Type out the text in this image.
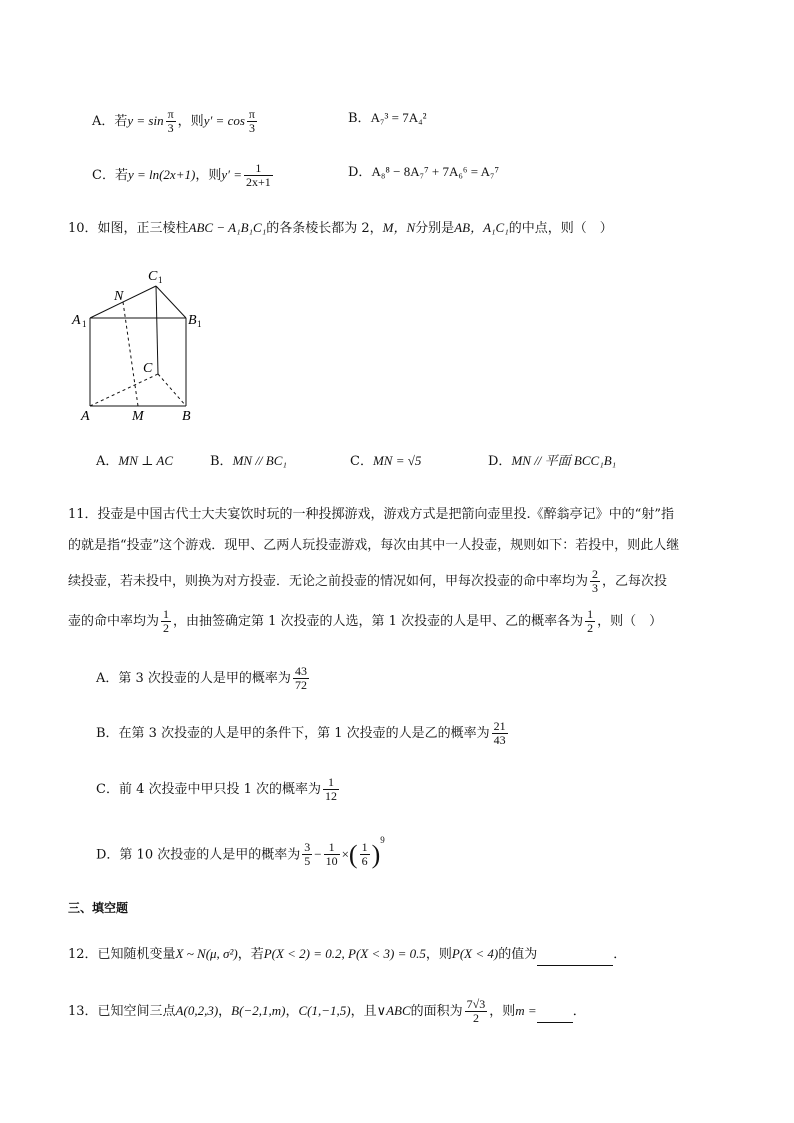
A．若$y = \sin \frac{\pi}{3}$ ，则$y' = \cos \frac{\pi}{3}$	B．A₇³ = 7A₄²
C．若y = ln(2x+1)，则$y' = \frac{1}{2x+1}$	D．A₈⁸ − 8A₇⁷ + 7A₆⁶ = A₇⁷
10．如图，正三棱柱ABC − A₁B₁C₁的各条棱长都为 2，M，N分别是AB，A₁C₁的中点，则（　）
C 1
N
A 1	B 1
C
A	M	B
A．MN ⊥ AC	B．MN // BC₁	C．MN = √5	D．MN // 平面 BCC₁B₁
11．投壶是中国古代士大夫宴饮时玩的一种投掷游戏，游戏方式是把箭向壶里投.《醉翁亭记》中的“射”指
的就是指“投壶”这个游戏．现甲、乙两人玩投壶游戏，每次由其中一人投壶，规则如下：若投中，则此人继
续投壶，若未投中，则换为对方投壶．无论之前投壶的情况如何，甲每次投壶的命中率均为 $\frac{2}{3}$ ，乙每次投
壶的命中率均为 $\frac{1}{2}$ ，由抽签确定第 1 次投壶的人选，第 1 次投壶的人是甲、乙的概率各为 $\frac{1}{2}$ ，则（　）
A．第 3 次投壶的人是甲的概率为 $\frac{43}{72}$
B．在第 3 次投壶的人是甲的条件下，第 1 次投壶的人是乙的概率为 $\frac{21}{43}$
C．前 4 次投壶中甲只投 1 次的概率为 $\frac{1}{12}$
D．第 10 次投壶的人是甲的概率为 $\frac{3}{5} - \frac{1}{10}$ ×( $\frac{1}{6} )^9$
三、填空题
12．已知随机变量X ~ N(μ, σ²)，若P(X < 2) = 0.2, P(X < 3) = 0.5，则P(X < 4)的值为	．
13．已知空间三点A(0,2,3)，B(−2,1,m)，C(1,−1,5)，且∨ABC的面积为 $\frac{7√3}{2}$ ，则m =	．
